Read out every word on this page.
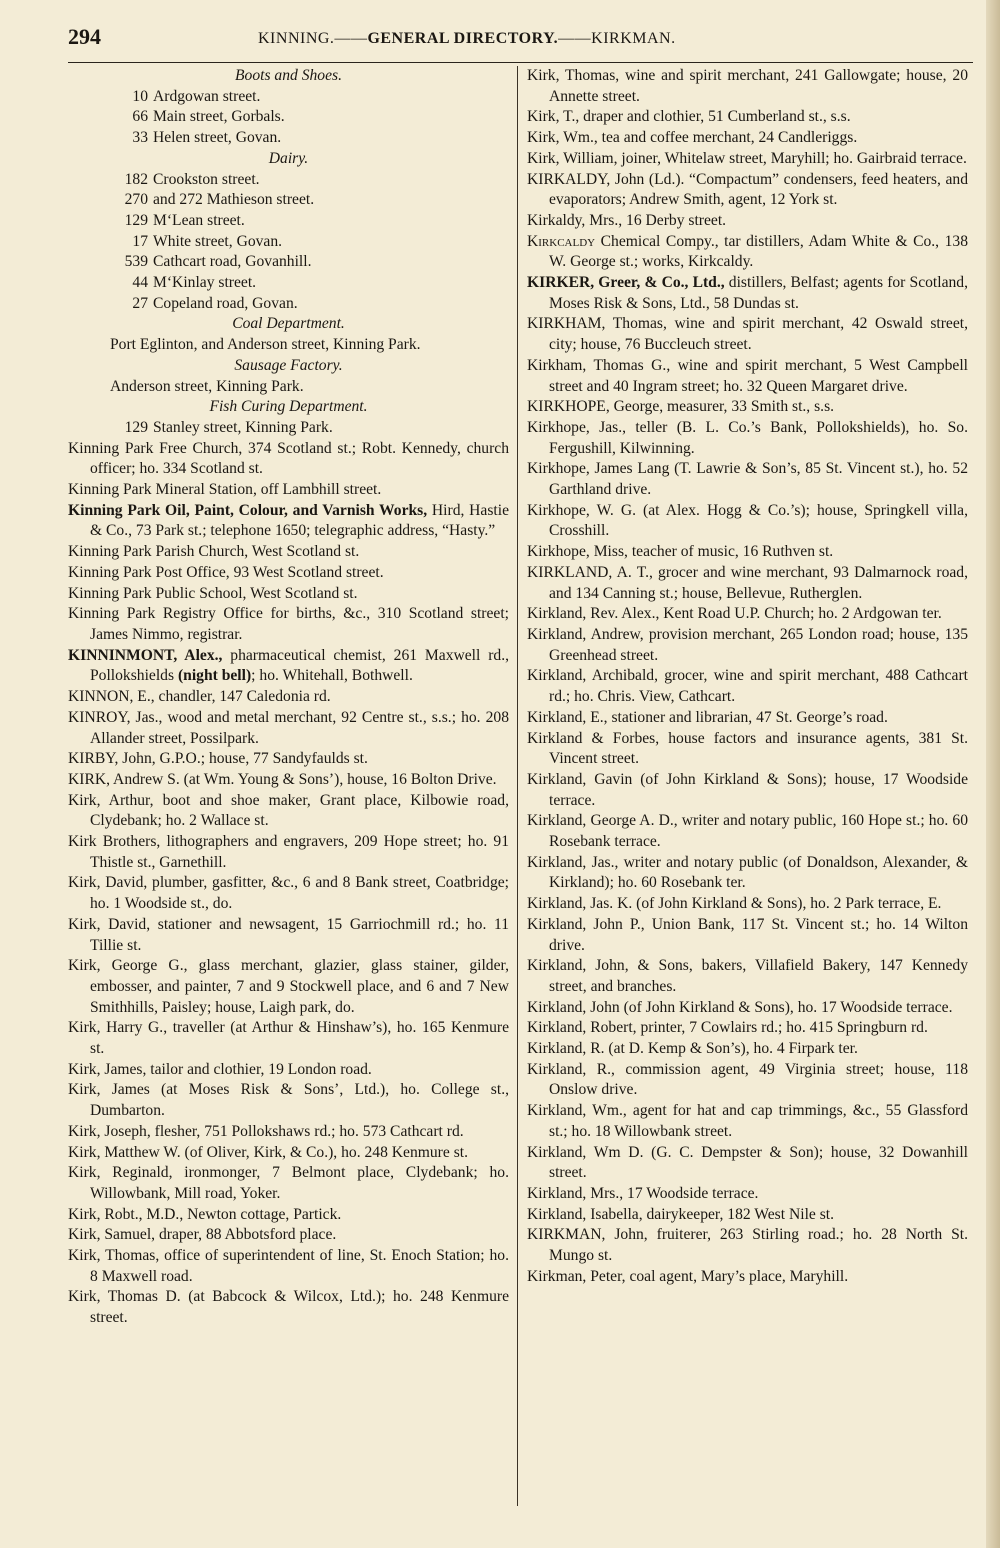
294	KINNING.——GENERAL DIRECTORY.——KIRKMAN.

Boots and Shoes.

10 Ardgowan street.

66 Main street, Gorbals.

33 Helen street, Govan.

Dairy.

182 Crookston street.

270 and 272 Mathieson street.

129 M‘Lean street.

17 White street, Govan.

539 Cathcart road, Govanhill.

44 M‘Kinlay street.

27 Copeland road, Govan.

Coal Department.

Port Eglinton, and Anderson street, Kinning Park.

Sausage Factory.

Anderson street, Kinning Park.

Fish Curing Department.

129 Stanley street, Kinning Park.

Kinning Park Free Church, 374 Scotland st.; Robt. Kennedy, church officer; ho. 334 Scotland st.

Kinning Park Mineral Station, off Lambhill street.

Kinning Park Oil, Paint, Colour, and Varnish Works, Hird, Hastie & Co., 73 Park st.; telephone 1650; telegraphic address, “Hasty.”

Kinning Park Parish Church, West Scotland st.

Kinning Park Post Office, 93 West Scotland street.

Kinning Park Public School, West Scotland st.

Kinning Park Registry Office for births, &c., 310 Scotland street; James Nimmo, registrar.

KINNINMONT, Alex., pharmaceutical chemist, 261 Maxwell rd., Pollokshields (night bell); ho. Whitehall, Bothwell.

KINNON, E., chandler, 147 Caledonia rd.

KINROY, Jas., wood and metal merchant, 92 Centre st., s.s.; ho. 208 Allander street, Possilpark.

KIRBY, John, G.P.O.; house, 77 Sandyfaulds st.

KIRK, Andrew S. (at Wm. Young & Sons’), house, 16 Bolton Drive.

Kirk, Arthur, boot and shoe maker, Grant place, Kilbowie road, Clydebank; ho. 2 Wallace st.

Kirk Brothers, lithographers and engravers, 209 Hope street; ho. 91 Thistle st., Garnethill.

Kirk, David, plumber, gasfitter, &c., 6 and 8 Bank street, Coatbridge; ho. 1 Woodside st., do.

Kirk, David, stationer and newsagent, 15 Garriochmill rd.; ho. 11 Tillie st.

Kirk, George G., glass merchant, glazier, glass stainer, gilder, embosser, and painter, 7 and 9 Stockwell place, and 6 and 7 New Smithhills, Paisley; house, Laigh park, do.

Kirk, Harry G., traveller (at Arthur & Hinshaw’s), ho. 165 Kenmure st.

Kirk, James, tailor and clothier, 19 London road.

Kirk, James (at Moses Risk & Sons’, Ltd.), ho. College st., Dumbarton.

Kirk, Joseph, flesher, 751 Pollokshaws rd.; ho. 573 Cathcart rd.

Kirk, Matthew W. (of Oliver, Kirk, & Co.), ho. 248 Kenmure st.

Kirk, Reginald, ironmonger, 7 Belmont place, Clydebank; ho. Willowbank, Mill road, Yoker.

Kirk, Robt., M.D., Newton cottage, Partick.

Kirk, Samuel, draper, 88 Abbotsford place.

Kirk, Thomas, office of superintendent of line, St. Enoch Station; ho. 8 Maxwell road.

Kirk, Thomas D. (at Babcock & Wilcox, Ltd.); ho. 248 Kenmure street.

Kirk, Thomas, wine and spirit merchant, 241 Gallowgate; house, 20 Annette street.

Kirk, T., draper and clothier, 51 Cumberland st., s.s.

Kirk, Wm., tea and coffee merchant, 24 Candleriggs.

Kirk, William, joiner, Whitelaw street, Maryhill; ho. Gairbraid terrace.

KIRKALDY, John (Ld.). “Compactum” condensers, feed heaters, and evaporators; Andrew Smith, agent, 12 York st.

Kirkaldy, Mrs., 16 Derby street.

Kirkcaldy Chemical Compy., tar distillers, Adam White & Co., 138 W. George st.; works, Kirkcaldy.

KIRKER, Greer, & Co., Ltd., distillers, Belfast; agents for Scotland, Moses Risk & Sons, Ltd., 58 Dundas st.

KIRKHAM, Thomas, wine and spirit merchant, 42 Oswald street, city; house, 76 Buccleuch street.

Kirkham, Thomas G., wine and spirit merchant, 5 West Campbell street and 40 Ingram street; ho. 32 Queen Margaret drive.

KIRKHOPE, George, measurer, 33 Smith st., s.s.

Kirkhope, Jas., teller (B. L. Co.’s Bank, Pollokshields), ho. So. Fergushill, Kilwinning.

Kirkhope, James Lang (T. Lawrie & Son’s, 85 St. Vincent st.), ho. 52 Garthland drive.

Kirkhope, W. G. (at Alex. Hogg & Co.’s); house, Springkell villa, Crosshill.

Kirkhope, Miss, teacher of music, 16 Ruthven st.

KIRKLAND, A. T., grocer and wine merchant, 93 Dalmarnock road, and 134 Canning st.; house, Bellevue, Rutherglen.

Kirkland, Rev. Alex., Kent Road U.P. Church; ho. 2 Ardgowan ter.

Kirkland, Andrew, provision merchant, 265 London road; house, 135 Greenhead street.

Kirkland, Archibald, grocer, wine and spirit merchant, 488 Cathcart rd.; ho. Chris. View, Cathcart.

Kirkland, E., stationer and librarian, 47 St. George’s road.

Kirkland & Forbes, house factors and insurance agents, 381 St. Vincent street.

Kirkland, Gavin (of John Kirkland & Sons); house, 17 Woodside terrace.

Kirkland, George A. D., writer and notary public, 160 Hope st.; ho. 60 Rosebank terrace.

Kirkland, Jas., writer and notary public (of Donaldson, Alexander, & Kirkland); ho. 60 Rosebank ter.

Kirkland, Jas. K. (of John Kirkland & Sons), ho. 2 Park terrace, E.

Kirkland, John P., Union Bank, 117 St. Vincent st.; ho. 14 Wilton drive.

Kirkland, John, & Sons, bakers, Villafield Bakery, 147 Kennedy street, and branches.

Kirkland, John (of John Kirkland & Sons), ho. 17 Woodside terrace.

Kirkland, Robert, printer, 7 Cowlairs rd.; ho. 415 Springburn rd.

Kirkland, R. (at D. Kemp & Son’s), ho. 4 Firpark ter.

Kirkland, R., commission agent, 49 Virginia street; house, 118 Onslow drive.

Kirkland, Wm., agent for hat and cap trimmings, &c., 55 Glassford st.; ho. 18 Willowbank street.

Kirkland, Wm D. (G. C. Dempster & Son); house, 32 Dowanhill street.

Kirkland, Mrs., 17 Woodside terrace.

Kirkland, Isabella, dairykeeper, 182 West Nile st.

KIRKMAN, John, fruiterer, 263 Stirling road.; ho. 28 North St. Mungo st.

Kirkman, Peter, coal agent, Mary’s place, Maryhill.
